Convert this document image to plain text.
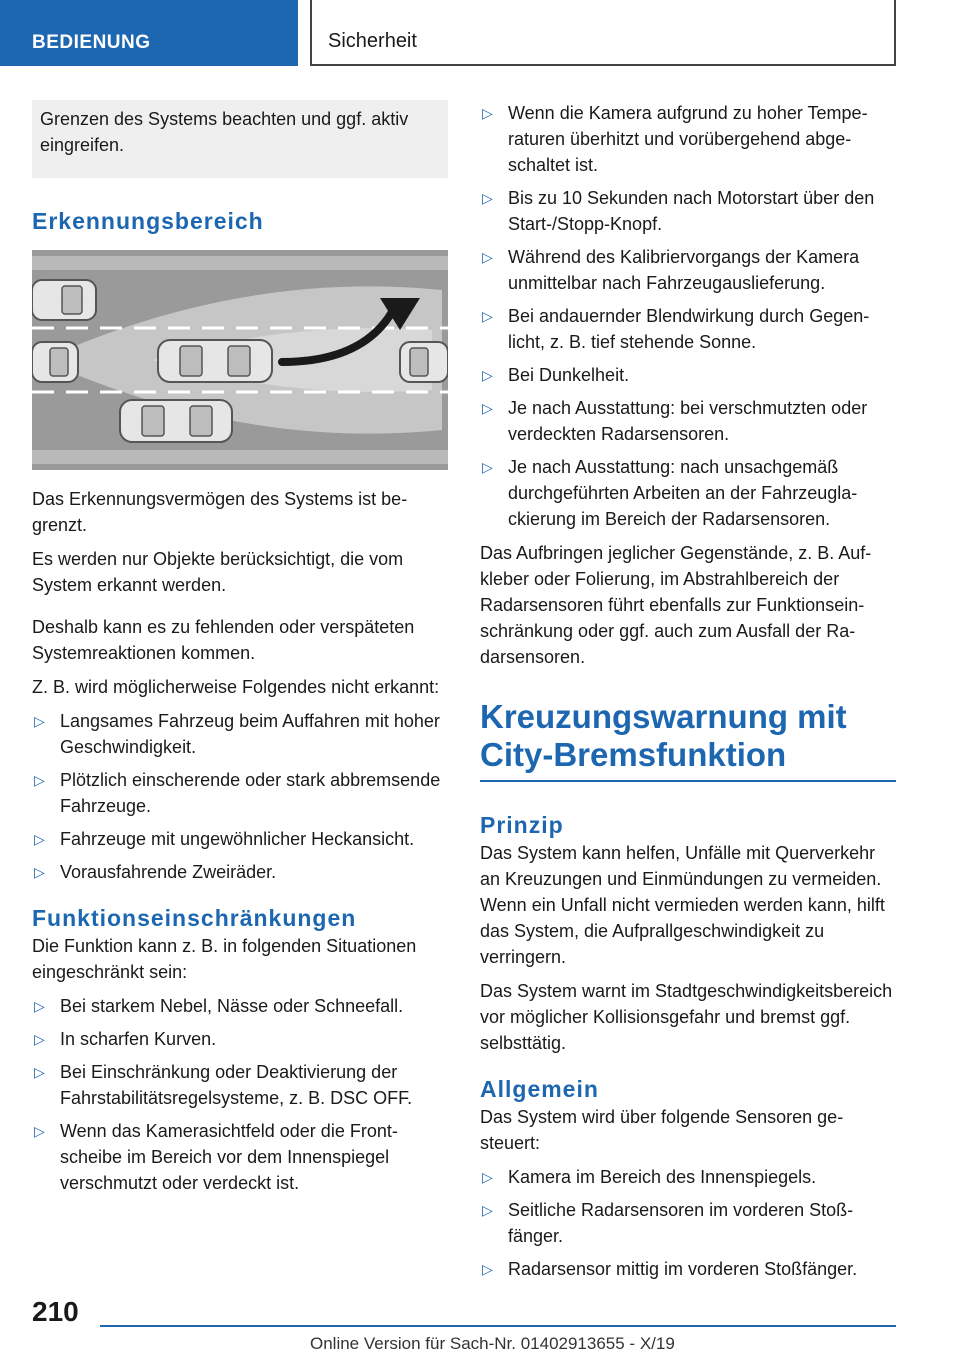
BEDIENUNG	Sicherheit
Grenzen des Systems beachten und ggf. aktiv eingreifen.
Erkennungsbereich

Das Erkennungsvermögen des Systems ist begrenzt.

Es werden nur Objekte berücksichtigt, die vom System erkannt werden.

Deshalb kann es zu fehlenden oder verspäteten Systemreaktionen kommen.

Z. B. wird möglicherweise Folgendes nicht erkannt:

▷ Langsames Fahrzeug beim Auffahren mit hoher Geschwindigkeit.
▷ Plötzlich einscherende oder stark abbremsende Fahrzeuge.
▷ Fahrzeuge mit ungewöhnlicher Heckansicht.
▷ Vorausfahrende Zweiräder.
Funktionseinschränkungen

Die Funktion kann z. B. in folgenden Situationen eingeschränkt sein:

▷ Bei starkem Nebel, Nässe oder Schneefall.
▷ In scharfen Kurven.
▷ Bei Einschränkung oder Deaktivierung der Fahrstabilitätsregelsysteme, z. B. DSC OFF.
▷ Wenn das Kamerasichtfeld oder die Frontscheibe im Bereich vor dem Innenspiegel verschmutzt oder verdeckt ist.
▷ Wenn die Kamera aufgrund zu hoher Temperaturen überhitzt und vorübergehend abgeschaltet ist.
▷ Bis zu 10 Sekunden nach Motorstart über den Start-/Stopp-Knopf.
▷ Während des Kalibriervorgangs der Kamera unmittelbar nach Fahrzeugauslieferung.
▷ Bei andauernder Blendwirkung durch Gegenlicht, z. B. tief stehende Sonne.
▷ Bei Dunkelheit.
▷ Je nach Ausstattung: bei verschmutzten oder verdeckten Radarsensoren.
▷ Je nach Ausstattung: nach unsachgemäß durchgeführten Arbeiten an der Fahrzeuglackierung im Bereich der Radarsensoren.

Das Aufbringen jeglicher Gegenstände, z. B. Aufkleber oder Folierung, im Abstrahlbereich der Radarsensoren führt ebenfalls zur Funktionseinschränkung oder ggf. auch zum Ausfall der Radarsensoren.

Kreuzungswarnung mit
City-Bremsfunktion
Prinzip

Das System kann helfen, Unfälle mit Querverkehr an Kreuzungen und Einmündungen zu vermeiden. Wenn ein Unfall nicht vermieden werden kann, hilft das System, die Aufprallgeschwindigkeit zu verringern.

Das System warnt im Stadtgeschwindigkeitsbereich vor möglicher Kollisionsgefahr und bremst ggf. selbsttätig.

Allgemein

Das System wird über folgende Sensoren gesteuert:

▷ Kamera im Bereich des Innenspiegels.
▷ Seitliche Radarsensoren im vorderen Stoßfänger.
▷ Radarsensor mittig im vorderen Stoßfänger.
210
Online Version für Sach-Nr. 01402913655 - X/19
